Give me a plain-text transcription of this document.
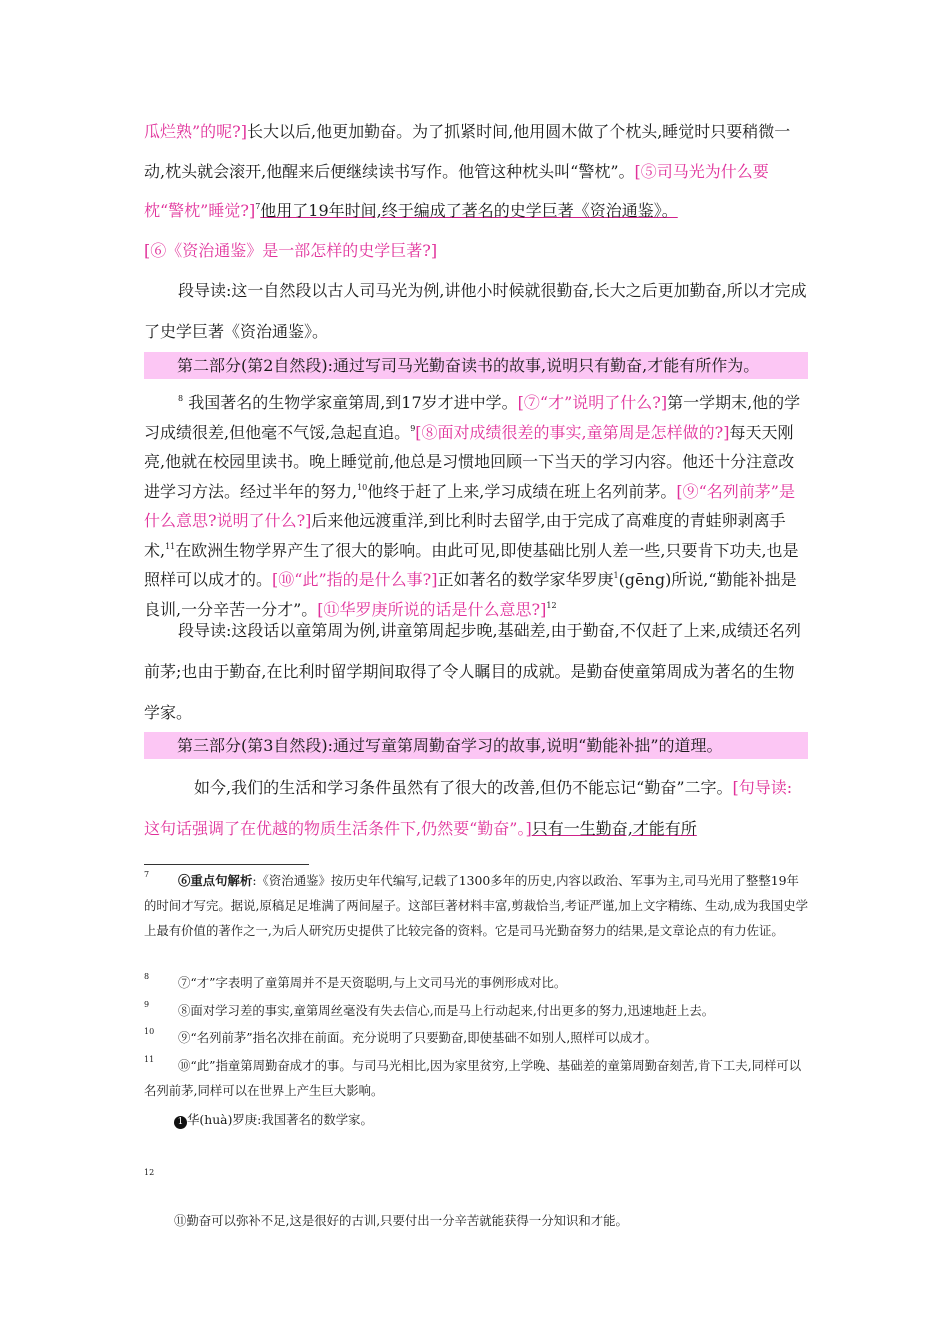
瓜烂熟”的呢?]长大以后,他更加勤奋。为了抓紧时间,他用圆木做了个枕头,睡觉时只要稍微一动,枕头就会滚开,他醒来后便继续读书写作。他管这种枕头叫“警枕”。[⑤司马光为什么要枕“警枕”睡觉?]$^7$他用了19年时间,终于编成了著名的史学巨著《资治通鉴》。
[⑥《资治通鉴》是一部怎样的史学巨著?]

段导读:这一自然段以古人司马光为例,讲他小时候就很勤奋,长大之后更加勤奋,所以才完成了史学巨著《资治通鉴》。

第二部分(第2自然段):通过写司马光勤奋读书的故事,说明只有勤奋,才能有所作为。

$^8$ 我国著名的生物学家童第周,到17岁才进中学。[⑦“才”说明了什么?]第一学期末,他的学习成绩很差,但他毫不气馁,急起直追。$^9$[⑧面对成绩很差的事实,童第周是怎样做的?]每天天刚亮,他就在校园里读书。晚上睡觉前,他总是习惯地回顾一下当天的学习内容。他还十分注意改进学习方法。经过半年的努力,$^{10}$他终于赶了上来,学习成绩在班上名列前茅。[⑨“名列前茅”是什么意思?说明了什么?]后来他远渡重洋,到比利时去留学,由于完成了高难度的青蛙卵剥离手术,$^{11}$在欧洲生物学界产生了很大的影响。由此可见,即使基础比别人差一些,只要肯下功夫,也是照样可以成才的。[⑩“此”指的是什么事?]正如著名的数学家华罗庚$^1$(gēng)所说,“勤能补拙是良训,一分辛苦一分才”。[⑪华罗庚所说的话是什么意思?]$^{12}$

段导读:这段话以童第周为例,讲童第周起步晚,基础差,由于勤奋,不仅赶了上来,成绩还名列前茅;也由于勤奋,在比利时留学期间取得了令人瞩目的成就。是勤奋使童第周成为著名的生物学家。

第三部分(第3自然段):通过写童第周勤奋学习的故事,说明“勤能补拙”的道理。

如今,我们的生活和学习条件虽然有了很大的改善,但仍不能忘记“勤奋”二字。[句导读:这句话强调了在优越的物质生活条件下,仍然要“勤奋”。]只有一生勤奋,才能有所

7	⑥重点句解析:《资治通鉴》按历史年代编写,记载了1300多年的历史,内容以政治、军事为主,司马光用了整整19年的时间才写完。据说,原稿足足堆满了两间屋子。这部巨著材料丰富,剪裁恰当,考证严谨,加上文字精练、生动,成为我国史学上最有价值的著作之一,为后人研究历史提供了比较完备的资料。它是司马光勤奋努力的结果,是文章论点的有力佐证。
8	⑦“才”字表明了童第周并不是天资聪明,与上文司马光的事例形成对比。
9	⑧面对学习差的事实,童第周丝毫没有失去信心,而是马上行动起来,付出更多的努力,迅速地赶上去。
10	⑨“名列前茅”指名次排在前面。充分说明了只要勤奋,即使基础不如别人,照样可以成才。
11	⑩“此”指童第周勤奋成才的事。与司马光相比,因为家里贫穷,上学晚、基础差的童第周勤奋刻苦,肯下工夫,同样可以名列前茅,同样可以在世界上产生巨大影响。
1 华(huà)罗庚:我国著名的数学家。
12
⑪勤奋可以弥补不足,这是很好的古训,只要付出一分辛苦就能获得一分知识和才能。
